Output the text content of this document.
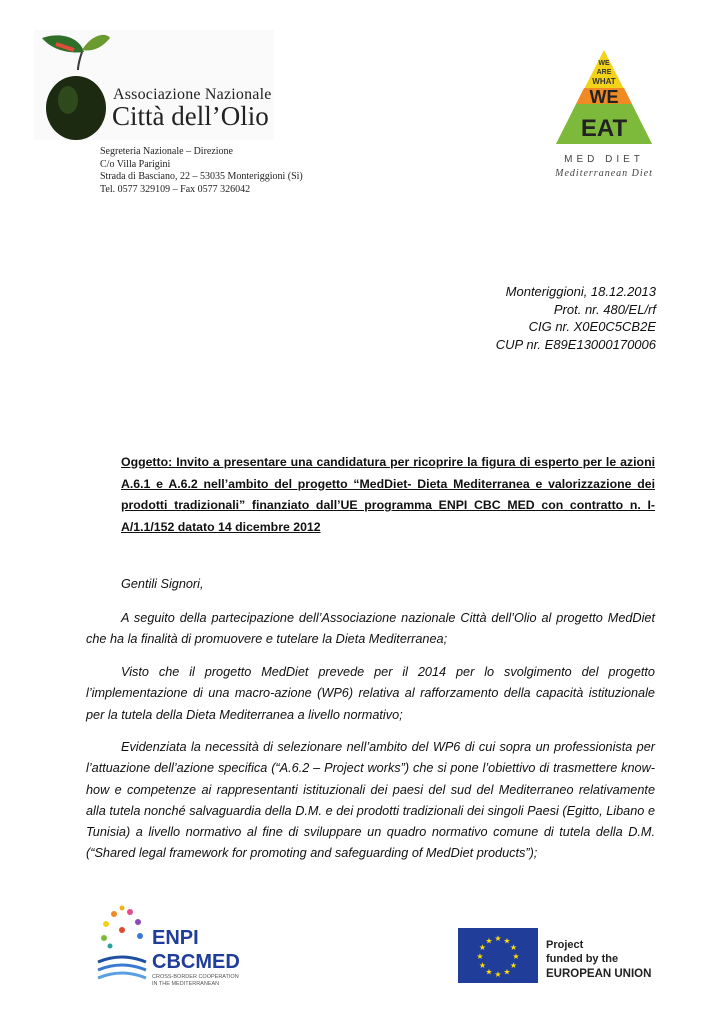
Associazione Nazionale
Città dell’Olio
Segreteria Nazionale – Direzione
C/o Villa Parigini
Strada di Basciano, 22 – 53035 Monteriggioni (Si)
Tel. 0577 329109 – Fax 0577 326042
WE
ARE
WHAT
WE
EAT
MED DIET
Mediterranean Diet
Monteriggioni, 18.12.2013
Prot. nr. 480/EL/rf
CIG nr. X0E0C5CB2E
CUP nr. E89E13000170006
Oggetto: Invito a presentare una candidatura per ricoprire la figura di esperto per le azioni A.6.1 e A.6.2 nell’ambito del progetto “MedDiet- Dieta Mediterranea e valorizzazione dei prodotti tradizionali” finanziato dall’UE programma ENPI CBC MED con contratto n. I-A/1.1/152 datato 14 dicembre 2012
Gentili Signori,
A seguito della partecipazione dell’Associazione nazionale Città dell’Olio al progetto MedDiet che ha la finalità di promuovere e tutelare la Dieta Mediterranea;
Visto che il progetto MedDiet prevede per il 2014 per lo svolgimento del progetto l’implementazione di una macro-azione (WP6) relativa al rafforzamento della capacità istituzionale per la tutela della Dieta Mediterranea a livello normativo;
Evidenziata la necessità di selezionare nell’ambito del WP6 di cui sopra un professionista per l’attuazione dell’azione specifica (“A.6.2 – Project works”) che si pone l’obiettivo di trasmettere know-how e competenze ai rappresentanti istituzionali dei paesi del sud del Mediterraneo relativamente alla tutela nonché salvaguardia della D.M. e dei prodotti tradizionali dei singoli Paesi (Egitto, Libano e Tunisia) a livello normativo al fine di sviluppare un quadro normativo comune di tutela della D.M. (“Shared legal framework for promoting and safeguarding of MedDiet products”);
ENPI
CBCMED
CROSS-BORDER COOPERATION
IN THE MEDITERRANEAN
★ ★
★
★
★
★
★
★
★
★
★
★	Project
funded by the
EUROPEAN UNION
